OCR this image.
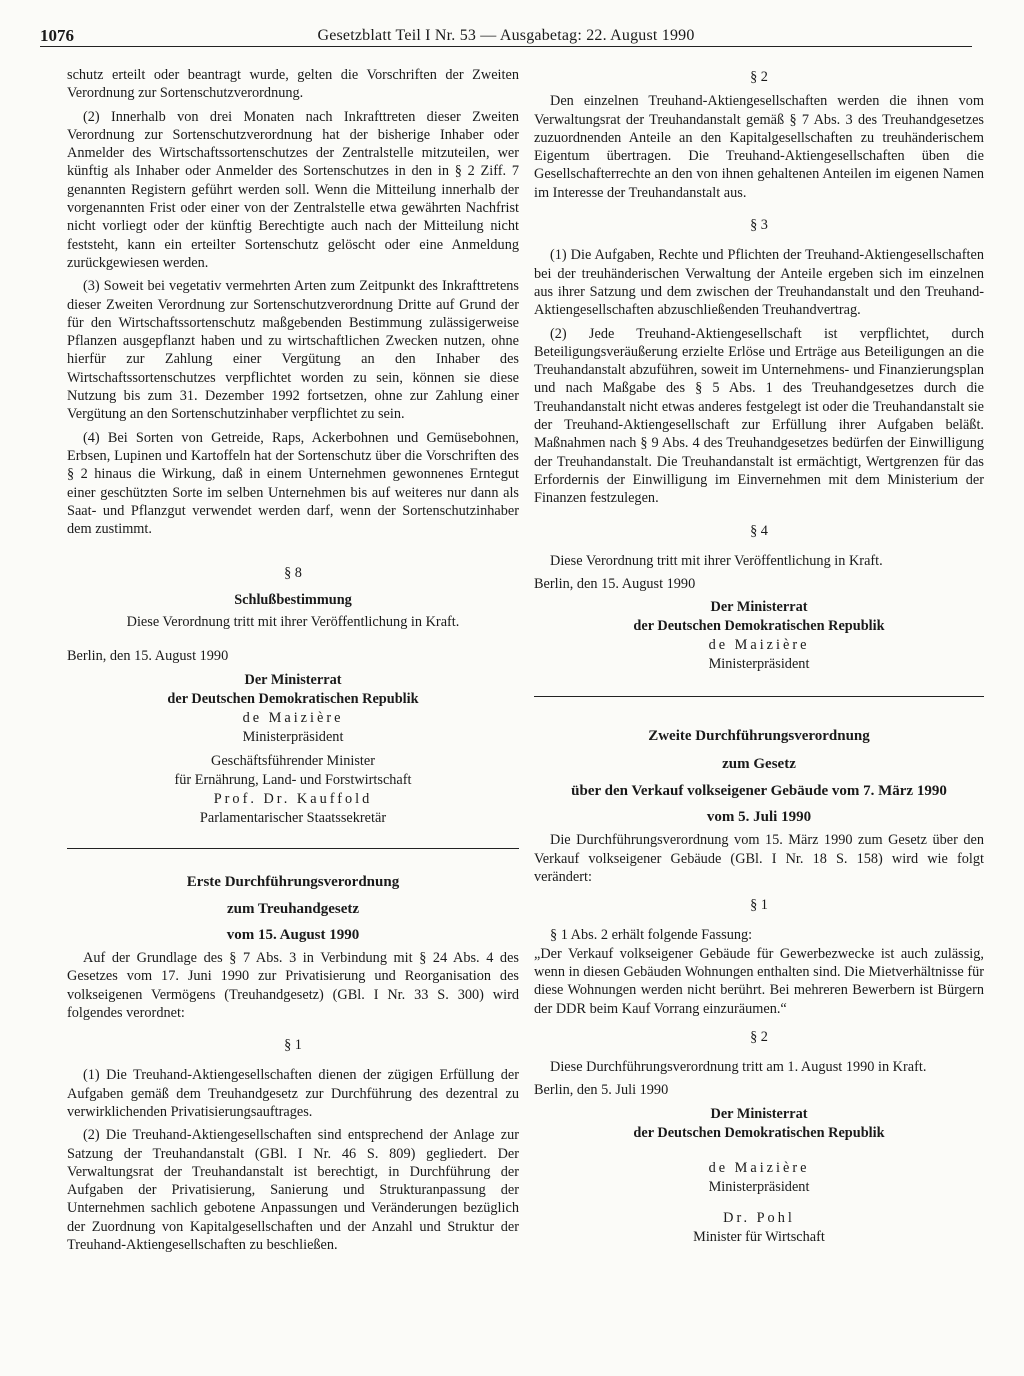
1076	Gesetzblatt Teil I Nr. 53 — Ausgabetag: 22. August 1990

schutz erteilt oder beantragt wurde, gelten die Vorschriften der Zweiten Verordnung zur Sortenschutzverordnung.

(2) Innerhalb von drei Monaten nach Inkrafttreten dieser Zweiten Verordnung zur Sortenschutzverordnung hat der bisherige Inhaber oder Anmelder des Wirtschaftssortenschutzes der Zentralstelle mitzuteilen, wer künftig als Inhaber oder Anmelder des Sortenschutzes in den in § 2 Ziff. 7 genannten Registern geführt werden soll. Wenn die Mitteilung innerhalb der vorgenannten Frist oder einer von der Zentralstelle etwa gewährten Nachfrist nicht vorliegt oder der künftig Berechtigte auch nach der Mitteilung nicht feststeht, kann ein erteilter Sortenschutz gelöscht oder eine Anmeldung zurückgewiesen werden.

(3) Soweit bei vegetativ vermehrten Arten zum Zeitpunkt des Inkrafttretens dieser Zweiten Verordnung zur Sortenschutzverordnung Dritte auf Grund der für den Wirtschaftssortenschutz maßgebenden Bestimmung zulässigerweise Pflanzen ausgepflanzt haben und zu wirtschaftlichen Zwecken nutzen, ohne hierfür zur Zahlung einer Vergütung an den Inhaber des Wirtschaftssortenschutzes verpflichtet worden zu sein, können sie diese Nutzung bis zum 31. Dezember 1992 fortsetzen, ohne zur Zahlung einer Vergütung an den Sortenschutzinhaber verpflichtet zu sein.

(4) Bei Sorten von Getreide, Raps, Ackerbohnen und Gemüsebohnen, Erbsen, Lupinen und Kartoffeln hat der Sortenschutz über die Vorschriften des § 2 hinaus die Wirkung, daß in einem Unternehmen gewonnenes Erntegut einer geschützten Sorte im selben Unternehmen bis auf weiteres nur dann als Saat- und Pflanzgut verwendet werden darf, wenn der Sortenschutzinhaber dem zustimmt.

§ 8
Schlußbestimmung

Diese Verordnung tritt mit ihrer Veröffentlichung in Kraft.

Berlin, den 15. August 1990

Der Ministerrat
der Deutschen Demokratischen Republik
de Maizière
Ministerpräsident
Geschäftsführender Minister
für Ernährung, Land- und Forstwirtschaft
Prof. Dr. Kauffold
Parlamentarischer Staatssekretär

Erste Durchführungsverordnung

zum Treuhandgesetz

vom 15. August 1990

Auf der Grundlage des § 7 Abs. 3 in Verbindung mit § 24 Abs. 4 des Gesetzes vom 17. Juni 1990 zur Privatisierung und Reorganisation des volkseigenen Vermögens (Treuhandgesetz) (GBl. I Nr. 33 S. 300) wird folgendes verordnet:

§ 1

(1) Die Treuhand-Aktiengesellschaften dienen der zügigen Erfüllung der Aufgaben gemäß dem Treuhandgesetz zur Durchführung des dezentral zu verwirklichenden Privatisierungsauftrages.

(2) Die Treuhand-Aktiengesellschaften sind entsprechend der Anlage zur Satzung der Treuhandanstalt (GBl. I Nr. 46 S. 809) gegliedert. Der Verwaltungsrat der Treuhandanstalt ist berechtigt, in Durchführung der Aufgaben der Privatisierung, Sanierung und Strukturanpassung der Unternehmen sachlich gebotene Anpassungen und Veränderungen bezüglich der Zuordnung von Kapitalgesellschaften und der Anzahl und Struktur der Treuhand-Aktiengesellschaften zu beschließen.

§ 2

Den einzelnen Treuhand-Aktiengesellschaften werden die ihnen vom Verwaltungsrat der Treuhandanstalt gemäß § 7 Abs. 3 des Treuhandgesetzes zuzuordnenden Anteile an den Kapitalgesellschaften zu treuhänderischem Eigentum übertragen. Die Treuhand-Aktiengesellschaften üben die Gesellschafterrechte an den von ihnen gehaltenen Anteilen im eigenen Namen im Interesse der Treuhandanstalt aus.

§ 3

(1) Die Aufgaben, Rechte und Pflichten der Treuhand-Aktiengesellschaften bei der treuhänderischen Verwaltung der Anteile ergeben sich im einzelnen aus ihrer Satzung und dem zwischen der Treuhandanstalt und den Treuhand-Aktiengesellschaften abzuschließenden Treuhandvertrag.

(2) Jede Treuhand-Aktiengesellschaft ist verpflichtet, durch Beteiligungsveräußerung erzielte Erlöse und Erträge aus Beteiligungen an die Treuhandanstalt abzuführen, soweit im Unternehmens- und Finanzierungsplan und nach Maßgabe des § 5 Abs. 1 des Treuhandgesetzes durch die Treuhandanstalt nicht etwas anderes festgelegt ist oder die Treuhandanstalt sie der Treuhand-Aktiengesellschaft zur Erfüllung ihrer Aufgaben beläßt. Maßnahmen nach § 9 Abs. 4 des Treuhandgesetzes bedürfen der Einwilligung der Treuhandanstalt. Die Treuhandanstalt ist ermächtigt, Wertgrenzen für das Erfordernis der Einwilligung im Einvernehmen mit dem Ministerium der Finanzen festzulegen.

§ 4

Diese Verordnung tritt mit ihrer Veröffentlichung in Kraft.

Berlin, den 15. August 1990

Der Ministerrat
der Deutschen Demokratischen Republik
de Maizière
Ministerpräsident

Zweite Durchführungsverordnung

zum Gesetz

über den Verkauf volkseigener Gebäude vom 7. März 1990

vom 5. Juli 1990

Die Durchführungsverordnung vom 15. März 1990 zum Gesetz über den Verkauf volkseigener Gebäude (GBl. I Nr. 18 S. 158) wird wie folgt verändert:

§ 1

§ 1 Abs. 2 erhält folgende Fassung:

„Der Verkauf volkseigener Gebäude für Gewerbezwecke ist auch zulässig, wenn in diesen Gebäuden Wohnungen enthalten sind. Die Mietverhältnisse für diese Wohnungen werden nicht berührt. Bei mehreren Bewerbern ist Bürgern der DDR beim Kauf Vorrang einzuräumen.“

§ 2

Diese Durchführungsverordnung tritt am 1. August 1990 in Kraft.

Berlin, den 5. Juli 1990

Der Ministerrat
der Deutschen Demokratischen Republik
de Maizière
Ministerpräsident
Dr. Pohl
Minister für Wirtschaft
